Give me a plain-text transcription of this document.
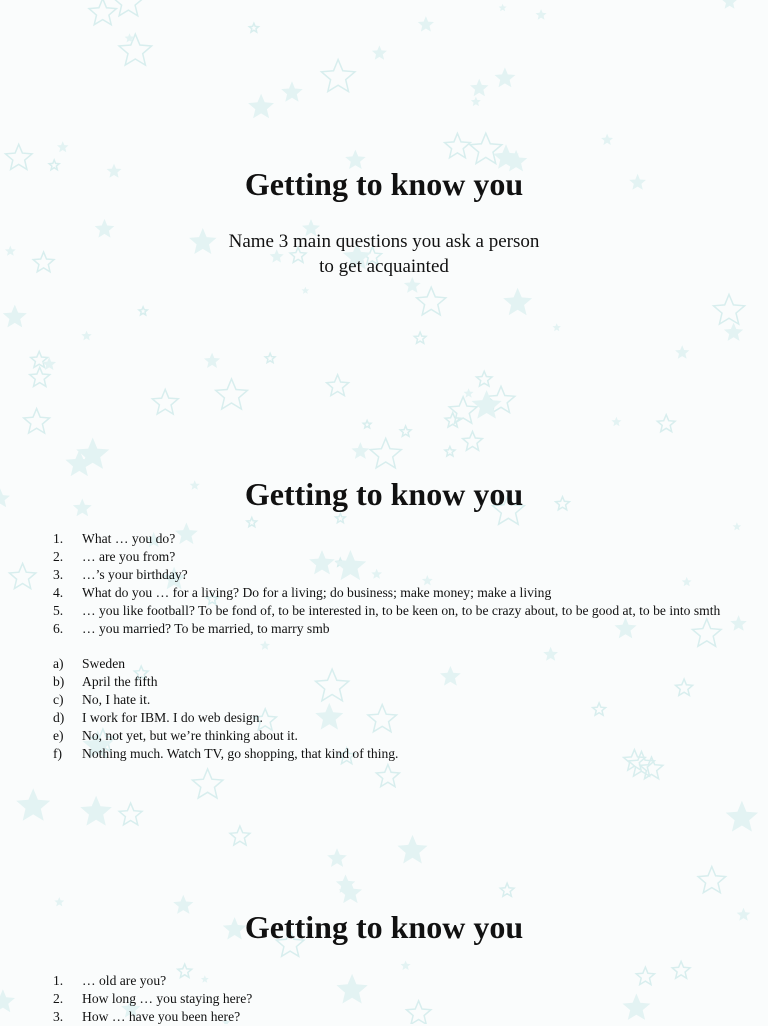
Getting to know you
Name 3 main questions you ask a person
to get acquainted
Getting to know you
1. What … you do?
2. … are you from?
3. …’s your birthday?
4. What do you … for a living? Do for a living; do business; make money; make a living
5. … you like football? To be fond of, to be interested in, to be keen on, to be crazy about, to be good at, to be into smth
6. … you married? To be married, to marry smb
a) Sweden
b) April the fifth
c) No, I hate it.
d) I work for IBM. I do web design.
e) No, not yet, but we’re thinking about it.
f) Nothing much. Watch TV, go shopping, that kind of thing.
Getting to know you
1. … old are you?
2. How long … you staying here?
3. How … have you been here?
